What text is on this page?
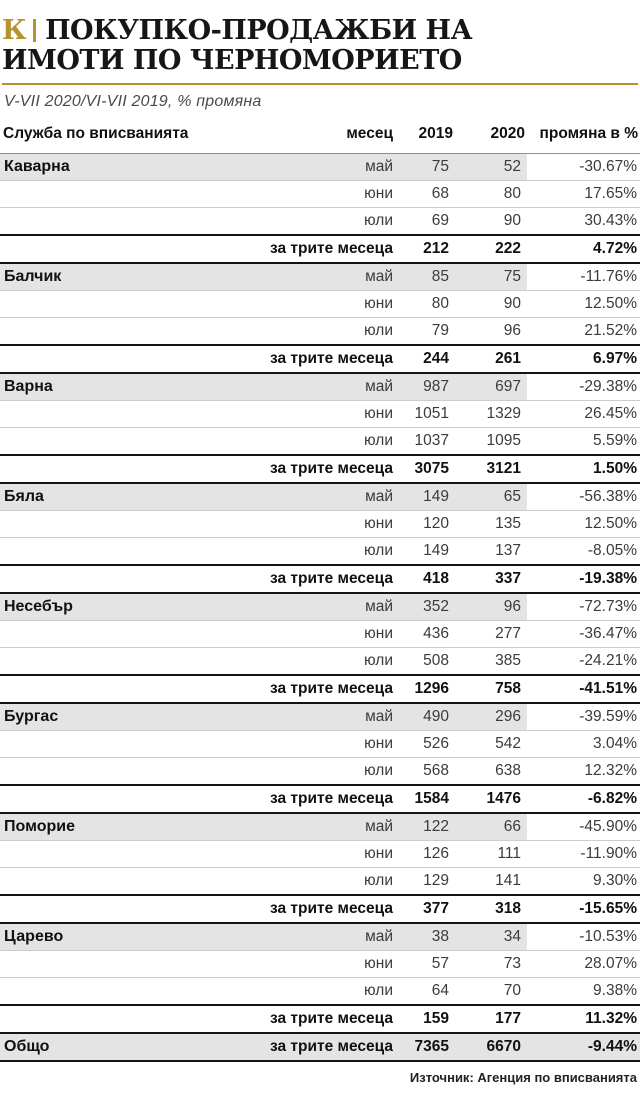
К ПОКУПКО-ПРОДАЖБИ НА
ИМОТИ ПО ЧЕРНОМОРИЕТО
V-VII 2020/VI-VII 2019, % промяна
Служба по вписванията	месец	2019	2020	промяна в %
Каварна	май	75	52	-30.67%
	юни	68	80	17.65%
	юли	69	90	30.43%
	за трите месеца	212	222	4.72%
Балчик	май	85	75	-11.76%
	юни	80	90	12.50%
	юли	79	96	21.52%
	за трите месеца	244	261	6.97%
Варна	май	987	697	-29.38%
	юни	1051	1329	26.45%
	юли	1037	1095	5.59%
	за трите месеца	3075	3121	1.50%
Бяла	май	149	65	-56.38%
	юни	120	135	12.50%
	юли	149	137	-8.05%
	за трите месеца	418	337	-19.38%
Несебър	май	352	96	-72.73%
	юни	436	277	-36.47%
	юли	508	385	-24.21%
	за трите месеца	1296	758	-41.51%
Бургас	май	490	296	-39.59%
	юни	526	542	3.04%
	юли	568	638	12.32%
	за трите месеца	1584	1476	-6.82%
Поморие	май	122	66	-45.90%
	юни	126	111	-11.90%
	юли	129	141	9.30%
	за трите месеца	377	318	-15.65%
Царево	май	38	34	-10.53%
	юни	57	73	28.07%
	юли	64	70	9.38%
	за трите месеца	159	177	11.32%
Общо	за трите месеца	7365	6670	-9.44%
Източник: Агенция по вписванията
